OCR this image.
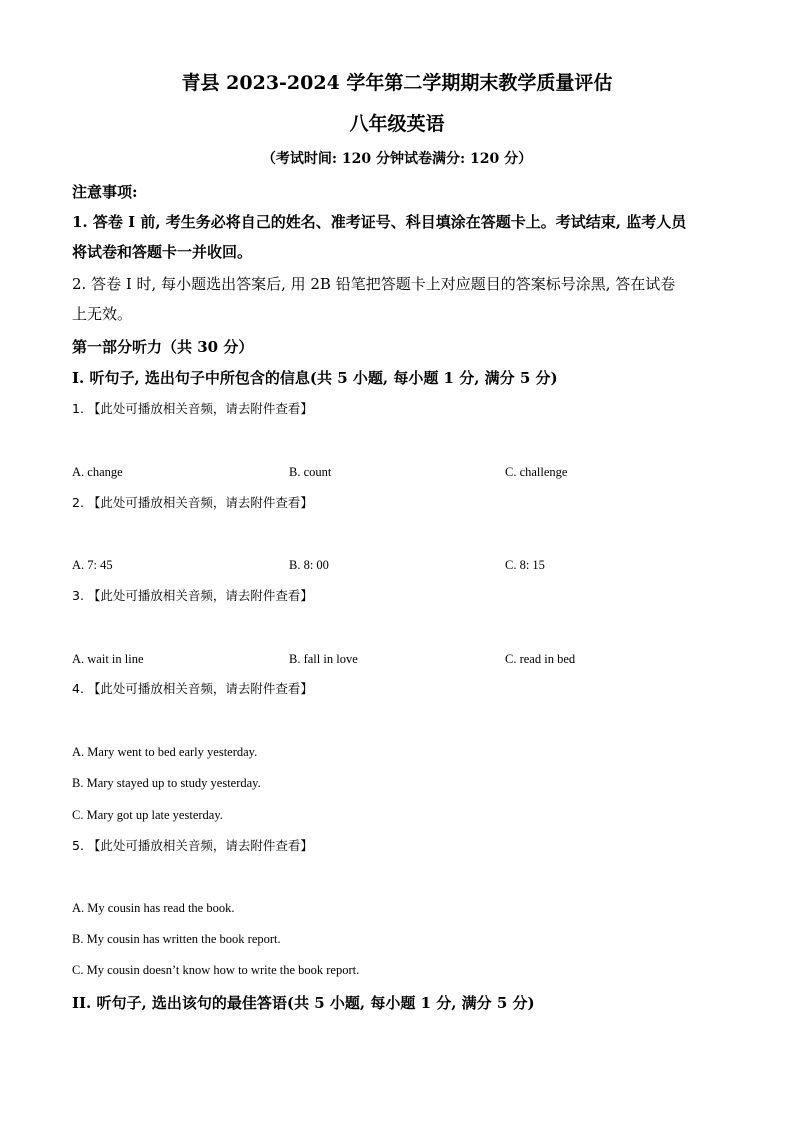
青县 2023-2024 学年第二学期期末教学质量评估
八年级英语
（考试时间: 120 分钟试卷满分: 120 分）
注意事项:
1. 答卷 I 前, 考生务必将自己的姓名、准考证号、科目填涂在答题卡上。考试结束, 监考人员
将试卷和答题卡一并收回。
2. 答卷 I 时, 每小题选出答案后, 用 2B 铅笔把答题卡上对应题目的答案标号涂黑, 答在试卷
上无效。
第一部分听力（共 30 分）
I. 听句子, 选出句子中所包含的信息(共 5 小题, 每小题 1 分, 满分 5 分)
1. 【此处可播放相关音频，请去附件查看】
A. change	B. count	C. challenge
2. 【此处可播放相关音频，请去附件查看】
A. 7: 45	B. 8: 00	C. 8: 15
3. 【此处可播放相关音频，请去附件查看】
A. wait in line	B. fall in love	C. read in bed
4. 【此处可播放相关音频，请去附件查看】
A. Mary went to bed early yesterday.
B. Mary stayed up to study yesterday.
C. Mary got up late yesterday.
5. 【此处可播放相关音频，请去附件查看】
A. My cousin has read the book.
B. My cousin has written the book report.
C. My cousin doesn’t know how to write the book report.
II. 听句子, 选出该句的最佳答语(共 5 小题, 每小题 1 分, 满分 5 分)
